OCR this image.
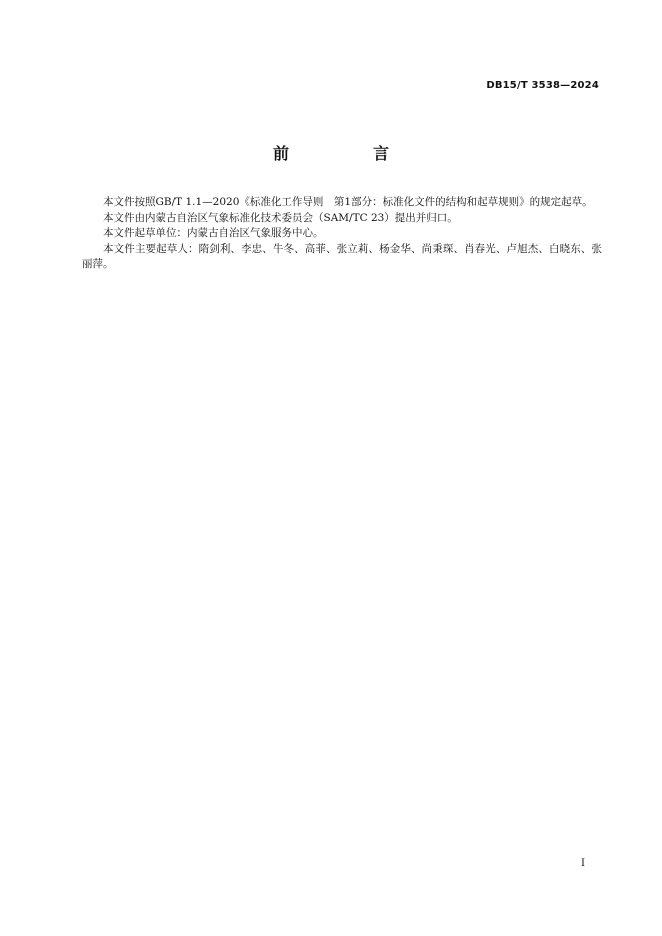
DB15/T 3538—2024
前　言

本文件按照GB/T 1.1—2020《标准化工作导则　第1部分：标准化文件的结构和起草规则》的规定起草。

本文件由内蒙古自治区气象标准化技术委员会（SAM/TC 23）提出并归口。

本文件起草单位：内蒙古自治区气象服务中心。

本文件主要起草人：隋剑利、李忠、牛冬、高菲、张立莉、杨金华、尚秉琛、肖春光、卢旭杰、白晓东、张丽萍。

I
